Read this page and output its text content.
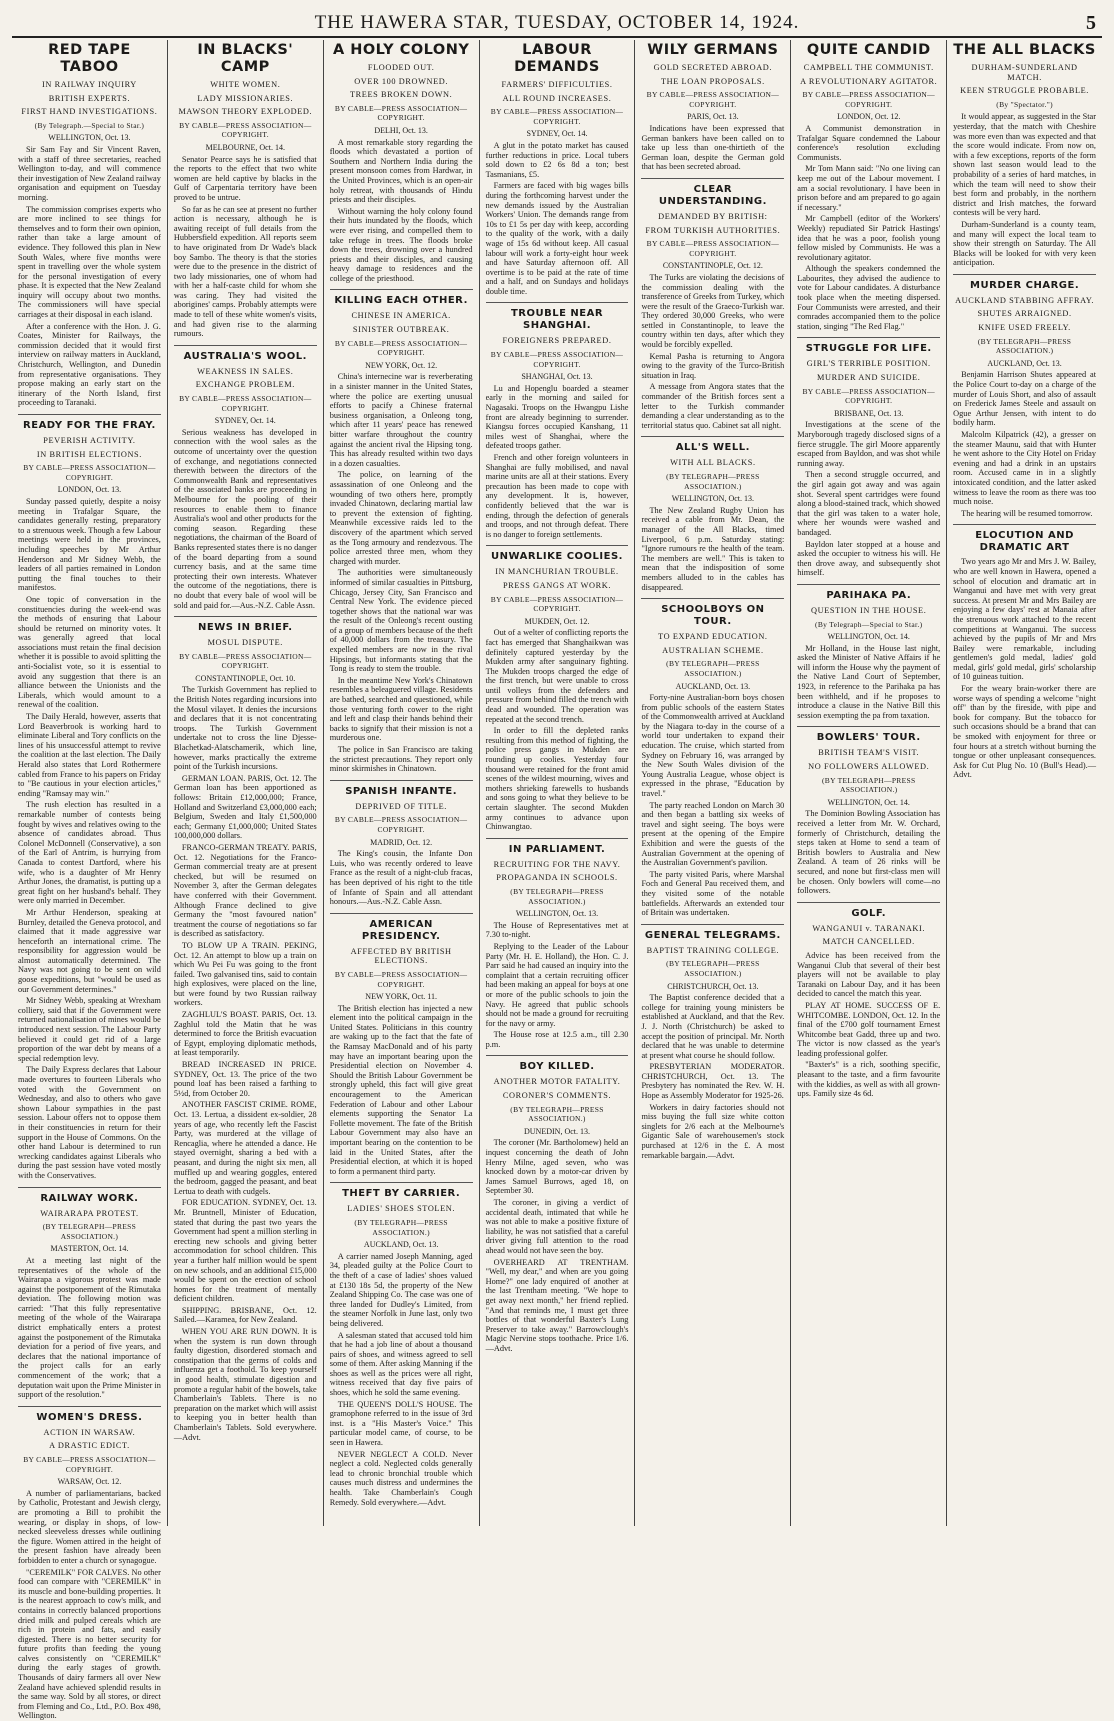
THE HAWERA STAR, TUESDAY, OCTOBER 14, 1924.	5
RED TAPE TABOO
IN RAILWAY INQUIRY
BRITISH EXPERTS.
FIRST HAND INVESTIGATIONS.
(By Telegraph.—Special to Star.)
WELLINGTON, Oct. 13.

Sir Sam Fay and Sir Vincent Raven, with a staff of three secretaries, reached Wellington to-day, and will commence their investigation of New Zealand railway organisation and equipment on Tuesday morning.

The commission comprises experts who are more inclined to see things for themselves and to form their own opinion, rather than take a large amount of evidence. They followed this plan in New South Wales, where five months were spent in travelling over the whole system for the personal investigation of every phase. It is expected that the New Zealand inquiry will occupy about two months. The commissioners will have special carriages at their disposal in each island.

After a conference with the Hon. J. G. Coates, Minister for Railways, the commission decided that it would first interview on railway matters in Auckland, Christchurch, Wellington, and Dunedin from representative organisations. They propose making an early start on the itinerary of the North Island, first proceeding to Taranaki.

READY FOR THE FRAY.
PEVERISH ACTIVITY.
IN BRITISH ELECTIONS.
BY CABLE—PRESS ASSOCIATION—COPYRIGHT.
LONDON, Oct. 13.

Sunday passed quietly, despite a noisy meeting in Trafalgar Square, the candidates generally resting, preparatory to a strenuous week. Though a few Labour meetings were held in the provinces, including speeches by Mr Arthur Henderson and Mr Sidney Webb, the leaders of all parties remained in London putting the final touches to their manifestos.

One topic of conversation in the constituencies during the week-end was the methods of ensuring that Labour should be returned on minority votes. It was generally agreed that local associations must retain the final decision whether it is possible to avoid splitting the anti-Socialist vote, so it is essential to avoid any suggestion that there is an alliance between the Unionists and the Liberals, which would amount to a renewal of the coalition.

The Daily Herald, however, asserts that Lord Beaverbrook is working hard to eliminate Liberal and Tory conflicts on the lines of his unsuccessful attempt to revive the coalition at the last election. The Daily Herald also states that Lord Rothermere cabled from France to his papers on Friday to "Be cautious in your election articles," ending "Ramsay may win."

The rush election has resulted in a remarkable number of contests being fought by wives and relatives owing to the absence of candidates abroad. Thus Colonel McDonnell (Conservative), a son of the Earl of Antrim, is hurrying from Canada to contest Dartford, where his wife, who is a daughter of Mr Henry Arthur Jones, the dramatist, is putting up a great fight on her husband's behalf. They were only married in December.

Mr Arthur Henderson, speaking at Burnley, detailed the Geneva protocol, and claimed that it made aggressive war henceforth an international crime. The responsibility for aggression would be almost automatically determined. The Navy was not going to be sent on wild goose expeditions, but "would be used as our Government determines."

Mr Sidney Webb, speaking at Wrexham colliery, said that if the Government were returned nationalisation of mines would be introduced next session. The Labour Party believed it could get rid of a large proportion of the war debt by means of a special redemption levy.

The Daily Express declares that Labour made overtures to fourteen Liberals who voted with the Government on Wednesday, and also to others who gave shown Labour sympathies in the past session. Labour offers not to oppose them in their constituencies in return for their support in the House of Commons. On the other hand Labour is determined to run wrecking candidates against Liberals who during the past session have voted mostly with the Conservatives.

RAILWAY WORK.
WAIRARAPA PROTEST.
(BY TELEGRAPH—PRESS ASSOCIATION.)
MASTERTON, Oct. 14.

At a meeting last night of the representatives of the whole of the Wairarapa a vigorous protest was made against the postponement of the Rimutaka deviation. The following motion was carried: "That this fully representative meeting of the whole of the Wairarapa district emphatically enters a protest against the postponement of the Rimutaka deviation for a period of five years, and declares that the national importance of the project calls for an early commencement of the work; that a deputation wait upon the Prime Minister in support of the resolution."

WOMEN'S DRESS.
ACTION IN WARSAW.
A DRASTIC EDICT.
BY CABLE—PRESS ASSOCIATION—COPYRIGHT.
WARSAW, Oct. 12.

A number of parliamentarians, backed by Catholic, Protestant and Jewish clergy, are promoting a Bill to prohibit the wearing, or display in shops, of low-necked sleeveless dresses while outlining the figure. Women attired in the height of the present fashion have already been forbidden to enter a church or synagogue.

"CEREMILK" FOR CALVES. No other food can compare with "CEREMILK" in its muscle and bone-building properties. It is the nearest approach to cow's milk, and contains in correctly balanced proportions dried milk and pulped cereals which are rich in protein and fats, and easily digested. There is no better security for future profits than feeding the young calves consistently on "CEREMILK" during the early stages of growth. Thousands of dairy farmers all over New Zealand have achieved splendid results in the same way. Sold by all stores, or direct from Fleming and Co., Ltd., P.O. Box 498, Wellington.

IN BLACKS' CAMP
WHITE WOMEN.
LADY MISSIONARIES.
MAWSON THEORY EXPLODED.
BY CABLE—PRESS ASSOCIATION—COPYRIGHT.
MELBOURNE, Oct. 14.

Senator Pearce says he is satisfied that the reports to the effect that two white women are held captive by blacks in the Gulf of Carpentaria territory have been proved to be untrue.

So far as he can see at present no further action is necessary, although he is awaiting receipt of full details from the Hubbersfield expedition. All reports seem to have originated from Dr Wade's black boy Sambo. The theory is that the stories were due to the presence in the district of two lady missionaries, one of whom had with her a half-caste child for whom she was caring. They had visited the aborigines' camps. Probably attempts were made to tell of these white women's visits, and had given rise to the alarming rumours.

AUSTRALIA'S WOOL.
WEAKNESS IN SALES.
EXCHANGE PROBLEM.
BY CABLE—PRESS ASSOCIATION—COPYRIGHT.
SYDNEY, Oct. 14.

Serious weakness has developed in connection with the wool sales as the outcome of uncertainty over the question of exchange, and negotiations connected therewith between the directors of the Commonwealth Bank and representatives of the associated banks are proceeding in Melbourne for the pooling of their resources to enable them to finance Australia's wool and other products for the coming season. Regarding these negotiations, the chairman of the Board of Banks represented states there is no danger of the board departing from a sound currency basis, and at the same time protecting their own interests. Whatever the outcome of the negotiations, there is no doubt that every bale of wool will be sold and paid for.—Aus.-N.Z. Cable Assn.

NEWS IN BRIEF.
MOSUL DISPUTE.
BY CABLE—PRESS ASSOCIATION—COPYRIGHT.
CONSTANTINOPLE, Oct. 10.

The Turkish Government has replied to the British Notes regarding incursions into the Mosul vilayet. It denies the incursions and declares that it is not concentrating troops. The Turkish Government undertake not to cross the line Djesse-Blachetkad-Alatschamerik, which line, however, marks practically the extreme point of the Turkish incursions.

GERMAN LOAN. PARIS, Oct. 12. The German loan has been apportioned as follows: Britain £12,000,000; France, Holland and Switzerland £3,000,000 each; Belgium, Sweden and Italy £1,500,000 each; Germany £1,000,000; United States 100,000,000 dollars.

FRANCO-GERMAN TREATY. PARIS, Oct. 12. Negotiations for the Franco-German commercial treaty are at present checked, but will be resumed on November 3, after the German delegates have conferred with their Government. Although France declined to give Germany the "most favoured nation" treatment the course of negotiations so far is described as satisfactory.

TO BLOW UP A TRAIN. PEKING, Oct. 12. An attempt to blow up a train on which Wu Pei Fu was going to the front failed. Two galvanised tins, said to contain high explosives, were placed on the line, but were found by two Russian railway workers.

ZAGHLUL'S BOAST. PARIS, Oct. 13. Zaghlul told the Matin that he was determined to force the British evacuation of Egypt, employing diplomatic methods, at least temporarily.

BREAD INCREASED IN PRICE. SYDNEY, Oct. 13. The price of the two pound loaf has been raised a farthing to 5½d, from October 20.

ANOTHER FASCIST CRIME. ROME, Oct. 13. Lertua, a dissident ex-soldier, 28 years of age, who recently left the Fascist Party, was murdered at the village of Rencaglia, where he attended a dance. He stayed overnight, sharing a bed with a peasant, and during the night six men, all muffled up and wearing goggles, entered the bedroom, gagged the peasant, and beat Lertua to death with cudgels.

FOR EDUCATION. SYDNEY, Oct. 13. Mr. Bruntnell, Minister of Education, stated that during the past two years the Government had spent a million sterling in erecting new schools and giving better accommodation for school children. This year a further half million would be spent on new schools, and an additional £15,000 would be spent on the erection of school homes for the treatment of mentally deficient children.

SHIPPING. BRISBANE, Oct. 12. Sailed.—Karamea, for New Zealand.

WHEN YOU ARE RUN DOWN. It is when the system is run down through faulty digestion, disordered stomach and constipation that the germs of colds and influenza get a foothold. To keep yourself in good health, stimulate digestion and promote a regular habit of the bowels, take Chamberlain's Tablets. There is no preparation on the market which will assist to keeping you in better health than Chamberlain's Tablets. Sold everywhere.—Advt.

A HOLY COLONY
FLOODED OUT.
OVER 100 DROWNED.
TREES BROKEN DOWN.
BY CABLE—PRESS ASSOCIATION—COPYRIGHT.
DELHI, Oct. 13.

A most remarkable story regarding the floods which devastated a portion of Southern and Northern India during the present monsoon comes from Hardwar, in the United Provinces, which is an open-air holy retreat, with thousands of Hindu priests and their disciples.

Without warning the holy colony found their huts inundated by the floods, which were ever rising, and compelled them to take refuge in trees. The floods broke down the trees, drowning over a hundred priests and their disciples, and causing heavy damage to residences and the college of the priesthood.

KILLING EACH OTHER.
CHINESE IN AMERICA.
SINISTER OUTBREAK.
BY CABLE—PRESS ASSOCIATION—COPYRIGHT.
NEW YORK, Oct. 12.

China's internecine war is reverberating in a sinister manner in the United States, where the police are exerting unusual efforts to pacify a Chinese fraternal business organisation, a Onleong tong, which after 11 years' peace has renewed bitter warfare throughout the country against the ancient rival the Hipsing tong. This has already resulted within two days in a dozen casualties.

The police, on learning of the assassination of one Onleong and the wounding of two others here, promptly invaded Chinatown, declaring martial law to prevent the extension of fighting. Meanwhile excessive raids led to the discovery of the apartment which served as the Tong armoury and rendezvous. The police arrested three men, whom they charged with murder.

The authorities were simultaneously informed of similar casualties in Pittsburg, Chicago, Jersey City, San Francisco and Central New York. The evidence pieced together shows that the national war was the result of the Onleong's recent ousting of a group of members because of the theft of 40,000 dollars from the treasury. The expelled members are now in the rival Hipsings, but informants stating that the Tong is ready to stem the trouble.

In the meantime New York's Chinatown resembles a beleaguered village. Residents are bathed, searched and questioned, while those venturing forth cower to the right and left and clasp their hands behind their backs to signify that their mission is not a murderous one.

The police in San Francisco are taking the strictest precautions. They report only minor skirmishes in Chinatown.

SPANISH INFANTE.
DEPRIVED OF TITLE.
BY CABLE—PRESS ASSOCIATION—COPYRIGHT.
MADRID, Oct. 12.

The King's cousin, the Infante Don Luis, who was recently ordered to leave France as the result of a night-club fracas, has been deprived of his right to the title of Infante of Spain and all attendant honours.—Aus.-N.Z. Cable Assn.

AMERICAN PRESIDENCY.
AFFECTED BY BRITISH ELECTIONS.
BY CABLE—PRESS ASSOCIATION—COPYRIGHT.
NEW YORK, Oct. 11.

The British election has injected a new element into the political campaign in the United States. Politicians in this country are waking up to the fact that the fate of the Ramsay MacDonald and of his party may have an important bearing upon the Presidential election on November 4. Should the British Labour Government be strongly upheld, this fact will give great encouragement to the American Federation of Labour and other Labour elements supporting the Senator La Follette movement. The fate of the British Labour Government may also have an important bearing on the contention to be laid in the United States, after the Presidential election, at which it is hoped to form a permanent third party.

THEFT BY CARRIER.
LADIES' SHOES STOLEN.
(BY TELEGRAPH—PRESS ASSOCIATION.)
AUCKLAND, Oct. 13.

A carrier named Joseph Manning, aged 34, pleaded guilty at the Police Court to the theft of a case of ladies' shoes valued at £130 18s 5d, the property of the New Zealand Shipping Co. The case was one of three landed for Dudley's Limited, from the steamer Norfolk in June last, only two being delivered.

A salesman stated that accused told him that he had a job line of about a thousand pairs of shoes, and witness agreed to sell some of them. After asking Manning if the shoes as well as the prices were all right, witness received that day five pairs of shoes, which he sold the same evening.

THE QUEEN'S DOLL'S HOUSE. The gramophone referred to in the issue of 3rd inst. is a "His Master's Voice." This particular model came, of course, to be seen in Hawera.

NEVER NEGLECT A COLD. Never neglect a cold. Neglected colds generally lead to chronic bronchial trouble which causes much distress and undermines the health. Take Chamberlain's Cough Remedy. Sold everywhere.—Advt.

LABOUR DEMANDS
FARMERS' DIFFICULTIES.
ALL ROUND INCREASES.
BY CABLE—PRESS ASSOCIATION—COPYRIGHT.
SYDNEY, Oct. 14.

A glut in the potato market has caused further reductions in price. Local tubers sold down to £2 6s 8d a ton; best Tasmanians, £5.

Farmers are faced with big wages bills during the forthcoming harvest under the new demands issued by the Australian Workers' Union. The demands range from 10s to £1 5s per day with keep, according to the quality of the work, with a daily wage of 15s 6d without keep. All casual labour will work a forty-eight hour week and have Saturday afternoon off. All overtime is to be paid at the rate of time and a half, and on Sundays and holidays double time.

TROUBLE NEAR SHANGHAI.
FOREIGNERS PREPARED.
BY CABLE—PRESS ASSOCIATION—COPYRIGHT.
SHANGHAI, Oct. 13.

Lu and Hopenglu boarded a steamer early in the morning and sailed for Nagasaki. Troops on the Hwangpu Lishe front are already beginning to surrender. Kiangsu forces occupied Kanshang, 11 miles west of Shanghai, where the defeated troops gather.

French and other foreign volunteers in Shanghai are fully mobilised, and naval marine units are all at their stations. Every precaution has been made to cope with any development. It is, however, confidently believed that the war is ending, through the defection of generals and troops, and not through defeat. There is no danger to foreign settlements.

UNWARLIKE COOLIES.
IN MANCHURIAN TROUBLE.
PRESS GANGS AT WORK.
BY CABLE—PRESS ASSOCIATION—COPYRIGHT.
MUKDEN, Oct. 12.

Out of a welter of conflicting reports the fact has emerged that Shanghaikwan was definitely captured yesterday by the Mukden army after sanguinary fighting. The Mukden troops charged the edge of the first trench, but were unable to cross until volleys from the defenders and pressure from behind filled the trench with dead and wounded. The operation was repeated at the second trench.

In order to fill the depleted ranks resulting from this method of fighting, the police press gangs in Mukden are rounding up coolies. Yesterday four thousand were retained for the front amid scenes of the wildest mourning, wives and mothers shrieking farewells to husbands and sons going to what they believe to be certain slaughter. The second Mukden army continues to advance upon Chinwangtao.

IN PARLIAMENT.
RECRUITING FOR THE NAVY.
PROPAGANDA IN SCHOOLS.
(BY TELEGRAPH—PRESS ASSOCIATION.)
WELLINGTON, Oct. 13.

The House of Representatives met at 7.30 to-night.

Replying to the Leader of the Labour Party (Mr. H. E. Holland), the Hon. C. J. Parr said he had caused an inquiry into the complaint that a certain recruiting officer had been making an appeal for boys at one or more of the public schools to join the Navy. He agreed that public schools should not be made a ground for recruiting for the navy or army.

The House rose at 12.5 a.m., till 2.30 p.m.

BOY KILLED.
ANOTHER MOTOR FATALITY.
CORONER'S COMMENTS.
(BY TELEGRAPH—PRESS ASSOCIATION.)
DUNEDIN, Oct. 13.

The coroner (Mr. Bartholomew) held an inquest concerning the death of John Henry Milne, aged seven, who was knocked down by a motor-car driven by James Samuel Burrows, aged 18, on September 30.

The coroner, in giving a verdict of accidental death, intimated that while he was not able to make a positive fixture of liability, he was not satisfied that a careful driver giving full attention to the road ahead would not have seen the boy.

OVERHEARD AT TRENTHAM. "Well, my dear," and when are you going Home?" one lady enquired of another at the last Trentham meeting. "We hope to get away next month," her friend replied. "And that reminds me, I must get three bottles of that wonderful Baxter's Lung Preserver to take away." Barrowclough's Magic Nervine stops toothache. Price 1/6.—Advt.

WILY GERMANS
GOLD SECRETED ABROAD.
THE LOAN PROPOSALS.
BY CABLE—PRESS ASSOCIATION—COPYRIGHT.
PARIS, Oct. 13.

Indications have been expressed that German bankers have been called on to take up less than one-thirtieth of the German loan, despite the German gold that has been secreted abroad.

CLEAR UNDERSTANDING.
DEMANDED BY BRITISH:
FROM TURKISH AUTHORITIES.
BY CABLE—PRESS ASSOCIATION—COPYRIGHT.
CONSTANTINOPLE, Oct. 12.

The Turks are violating the decisions of the commission dealing with the transference of Greeks from Turkey, which were the result of the Graeco-Turkish war. They ordered 30,000 Greeks, who were settled in Constantinople, to leave the country within ten days, after which they would be forcibly expelled.

Kemal Pasha is returning to Angora owing to the gravity of the Turco-British situation in Iraq.

A message from Angora states that the commander of the British forces sent a letter to the Turkish commander demanding a clear understanding as to the territorial status quo. Cabinet sat all night.

ALL'S WELL.
WITH ALL BLACKS.
(BY TELEGRAPH—PRESS ASSOCIATION.)
WELLINGTON, Oct. 13.

The New Zealand Rugby Union has received a cable from Mr. Dean, the manager of the All Blacks, timed Liverpool, 6 p.m. Saturday stating: "Ignore rumours re the health of the team. The members are well." This is taken to mean that the indisposition of some members alluded to in the cables has disappeared.

SCHOOLBOYS ON TOUR.
TO EXPAND EDUCATION.
AUSTRALIAN SCHEME.
(BY TELEGRAPH—PRESS ASSOCIATION.)
AUCKLAND, Oct. 13.

Forty-nine Australian-born boys chosen from public schools of the eastern States of the Commonwealth arrived at Auckland by the Niagara to-day in the course of a world tour undertaken to expand their education. The cruise, which started from Sydney on February 16, was arranged by the New South Wales division of the Young Australia League, whose object is expressed in the phrase, "Education by travel."

The party reached London on March 30 and then began a battling six weeks of travel and sight seeing. The boys were present at the opening of the Empire Exhibition and were the guests of the Australian Government at the opening of the Australian Government's pavilion.

The party visited Paris, where Marshal Foch and General Pau received them, and they visited some of the notable battlefields. Afterwards an extended tour of Britain was undertaken.

GENERAL TELEGRAMS.
BAPTIST TRAINING COLLEGE.
(BY TELEGRAPH—PRESS ASSOCIATION.)
CHRISTCHURCH, Oct. 13.

The Baptist conference decided that a college for training young ministers be established at Auckland, and that the Rev. J. J. North (Christchurch) be asked to accept the position of principal. Mr. North declared that he was unable to determine at present what course he should follow.

PRESBYTERIAN MODERATOR. CHRISTCHURCH, Oct. 13. The Presbytery has nominated the Rev. W. H. Hope as Assembly Moderator for 1925-26.

Workers in dairy factories should not miss buying the full size white cotton singlets for 2/6 each at the Melbourne's Gigantic Sale of warehousemen's stock purchased at 12/6 in the £. A most remarkable bargain.—Advt.

QUITE CANDID
CAMPBELL THE COMMUNIST.
A REVOLUTIONARY AGITATOR.
BY CABLE—PRESS ASSOCIATION—COPYRIGHT.
LONDON, Oct. 12.

A Communist demonstration in Trafalgar Square condemned the Labour conference's resolution excluding Communists.

Mr Tom Mann said: "No one living can keep me out of the Labour movement. I am a social revolutionary. I have been in prison before and am prepared to go again if necessary."

Mr Campbell (editor of the Workers' Weekly) repudiated Sir Patrick Hastings' idea that he was a poor, foolish young fellow misled by Communists. He was a revolutionary agitator.

Although the speakers condemned the Labourites, they advised the audience to vote for Labour candidates. A disturbance took place when the meeting dispersed. Four Communists were arrested, and their comrades accompanied them to the police station, singing "The Red Flag."

STRUGGLE FOR LIFE.
GIRL'S TERRIBLE POSITION.
MURDER AND SUICIDE.
BY CABLE—PRESS ASSOCIATION—COPYRIGHT.
BRISBANE, Oct. 13.

Investigations at the scene of the Maryborough tragedy disclosed signs of a fierce struggle. The girl Moore apparently escaped from Bayldon, and was shot while running away.

Then a second struggle occurred, and the girl again got away and was again shot. Several spent cartridges were found along a blood-stained track, which showed that the girl was taken to a water hole, where her wounds were washed and bandaged.

Bayldon later stopped at a house and asked the occupier to witness his will. He then drove away, and subsequently shot himself.

PARIHAKA PA.
QUESTION IN THE HOUSE.
(By Telegraph—Special to Star.)
WELLINGTON, Oct. 14.

Mr Holland, in the House last night, asked the Minister of Native Affairs if he will inform the House why the payment of the Native Land Court of September, 1923, in reference to the Parihaka pa has been withheld, and if he proposes to introduce a clause in the Native Bill this session exempting the pa from taxation.

BOWLERS' TOUR.
BRITISH TEAM'S VISIT.
NO FOLLOWERS ALLOWED.
(BY TELEGRAPH—PRESS ASSOCIATION.)
WELLINGTON, Oct. 14.

The Dominion Bowling Association has received a letter from Mr. W. Orchard, formerly of Christchurch, detailing the steps taken at Home to send a team of British bowlers to Australia and New Zealand. A team of 26 rinks will be secured, and none but first-class men will be chosen. Only bowlers will come—no followers.

GOLF.
WANGANUI v. TARANAKI.
MATCH CANCELLED.

Advice has been received from the Wanganui Club that several of their best players will not be available to play Taranaki on Labour Day, and it has been decided to cancel the match this year.

PLAY AT HOME. SUCCESS OF E. WHITCOMBE. LONDON, Oct. 12. In the final of the £700 golf tournament Ernest Whitcombe beat Gadd, three up and two. The victor is now classed as the year's leading professional golfer.

"Baxter's" is a rich, soothing specific, pleasant to the taste, and a firm favourite with the kiddies, as well as with all grown-ups. Family size 4s 6d.

THE ALL BLACKS
DURHAM-SUNDERLAND MATCH.
KEEN STRUGGLE PROBABLE.
(By "Spectator.")

It would appear, as suggested in the Star yesterday, that the match with Cheshire was more even than was expected and that the score would indicate. From now on, with a few exceptions, reports of the form shown last season would lead to the probability of a series of hard matches, in which the team will need to show their best form and probably, in the northern district and Irish matches, the forward contests will be very hard.

Durham-Sunderland is a county team, and many will expect the local team to show their strength on Saturday. The All Blacks will be looked for with very keen anticipation.

MURDER CHARGE.
AUCKLAND STABBING AFFRAY.
SHUTES ARRAIGNED.
KNIFE USED FREELY.
(BY TELEGRAPH—PRESS ASSOCIATION.)
AUCKLAND, Oct. 13.

Benjamin Harrison Shutes appeared at the Police Court to-day on a charge of the murder of Louis Short, and also of assault on Frederick James Steele and assault on Ogue Arthur Jensen, with intent to do bodily harm.

Malcolm Kilpatrick (42), a gresser on the steamer Maunu, said that with Hunter he went ashore to the City Hotel on Friday evening and had a drink in an upstairs room. Accused came in in a slightly intoxicated condition, and the latter asked witness to leave the room as there was too much noise.

The hearing will be resumed tomorrow.

ELOCUTION AND DRAMATIC ART

Two years ago Mr and Mrs J. W. Bailey, who are well known in Hawera, opened a school of elocution and dramatic art in Wanganui and have met with very great success. At present Mr and Mrs Bailey are enjoying a few days' rest at Manaia after the strenuous work attached to the recent competitions at Wanganui. The success achieved by the pupils of Mr and Mrs Bailey were remarkable, including gentlemen's gold medal, ladies' gold medal, girls' gold medal, girls' scholarship of 10 guineas tuition.

For the weary brain-worker there are worse ways of spending a welcome "night off" than by the fireside, with pipe and book for company. But the tobacco for such occasions should be a brand that can be smoked with enjoyment for three or four hours at a stretch without burning the tongue or other unpleasant consequences. Ask for Cut Plug No. 10 (Bull's Head).—Advt.
